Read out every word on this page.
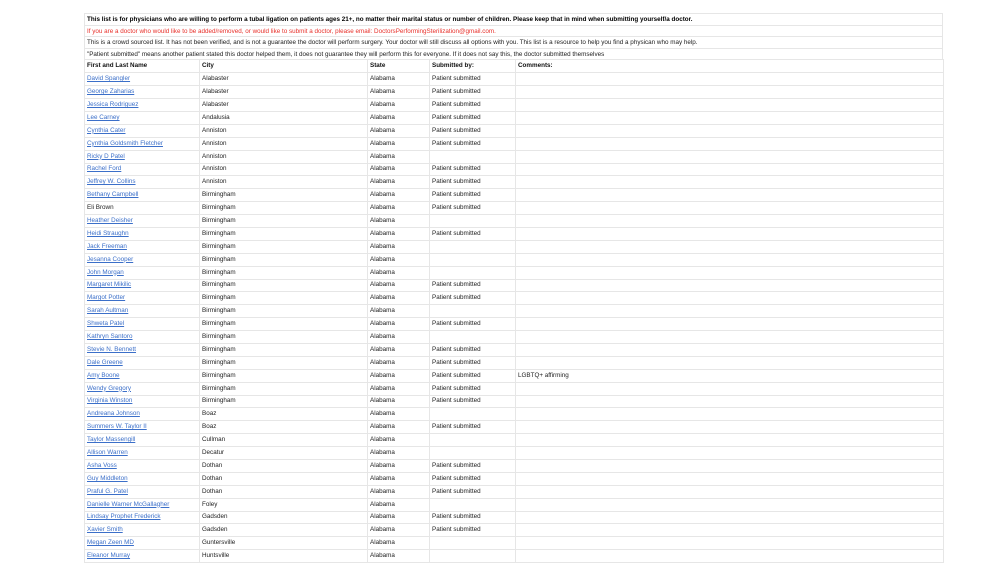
This list is for physicians who are willing to perform a tubal ligation on patients ages 21+, no matter their marital status or number of children. Please keep that in mind when submitting yourself/a doctor.
If you are a doctor who would like to be added/removed, or would like to submit a doctor, please email: DoctorsPerformingSterilization@gmail.com.
This is a crowd sourced list. It has not been verified, and is not a guarantee the doctor will perform surgery. Your doctor will still discuss all options with you. This list is a resource to help you find a physican who may help.
"Patient submitted" means another patient stated this doctor helped them, it does not guarantee they will perform this for everyone. If it does not say this, the doctor submitted themselves
First and Last Name	City	State	Submitted by:	Comments:
David Spangler	Alabaster	Alabama	Patient submitted	
George Zaharias	Alabaster	Alabama	Patient submitted	
Jessica Rodriguez	Alabaster	Alabama	Patient submitted	
Lee Carney	Andalusia	Alabama	Patient submitted	
Cynthia Cater	Anniston	Alabama	Patient submitted	
Cynthia Goldsmith Fletcher	Anniston	Alabama	Patient submitted	
Ricky D Patel	Anniston	Alabama		
Rachel Ford	Anniston	Alabama	Patient submitted	
Jeffrey W. Collins	Anniston	Alabama	Patient submitted	
Bethany Campbell	Birmingham	Alabama	Patient submitted	
Eli Brown	Birmingham	Alabama	Patient submitted	
Heather Deisher	Birmingham	Alabama		
Heidi Straughn	Birmingham	Alabama	Patient submitted	
Jack Freeman	Birmingham	Alabama		
Jesanna Cooper	Birmingham	Alabama		
John Morgan	Birmingham	Alabama		
Margaret Mikilic	Birmingham	Alabama	Patient submitted	
Margot Potter	Birmingham	Alabama	Patient submitted	
Sarah Aultman	Birmingham	Alabama		
Shweta Patel	Birmingham	Alabama	Patient submitted	
Kathryn Santoro	Birmingham	Alabama		
Stevie N. Bennett	Birmingham	Alabama	Patient submitted	
Dale Greene	Birmingham	Alabama	Patient submitted	
Amy Boone	Birmingham	Alabama	Patient submitted	LGBTQ+ affirming
Wendy Gregory	Birmingham	Alabama	Patient submitted	
Virginia Winston	Birmingham	Alabama	Patient submitted	
Andreana Johnson	Boaz	Alabama		
Summers W. Taylor II	Boaz	Alabama	Patient submitted	
Taylor Massengill	Cullman	Alabama		
Allison Warren	Decatur	Alabama		
Asha Voss	Dothan	Alabama	Patient submitted	
Guy Middleton	Dothan	Alabama	Patient submitted	
Praful G. Patel	Dothan	Alabama	Patient submitted	
Danielle Warner McGallagher	Foley	Alabama		
Lindsay Prophet Frederick	Gadsden	Alabama	Patient submitted	
Xavier Smith	Gadsden	Alabama	Patient submitted	
Megan Zeen MD	Guntersville	Alabama		
Eleanor Murray	Huntsville	Alabama		
